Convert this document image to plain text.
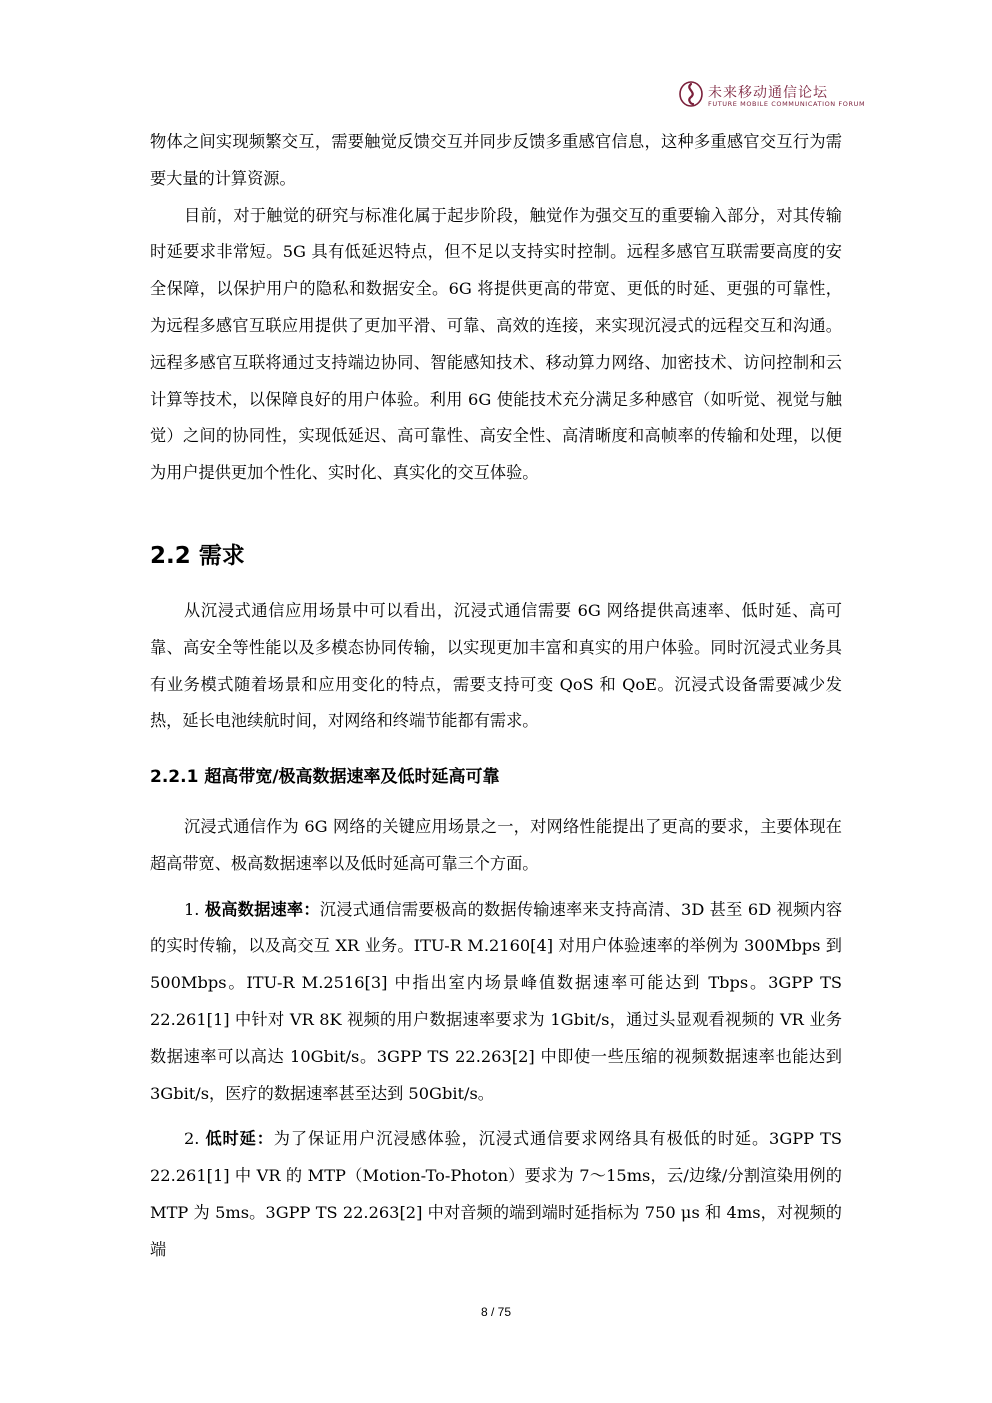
未来移动通信论坛
FUTURE MOBILE COMMUNICATION FORUM

物体之间实现频繁交互，需要触觉反馈交互并同步反馈多重感官信息，这种多重感官交互行为需要大量的计算资源。

目前，对于触觉的研究与标准化属于起步阶段，触觉作为强交互的重要输入部分，对其传输时延要求非常短。5G 具有低延迟特点，但不足以支持实时控制。远程多感官互联需要高度的安全保障，以保护用户的隐私和数据安全。6G 将提供更高的带宽、更低的时延、更强的可靠性，为远程多感官互联应用提供了更加平滑、可靠、高效的连接，来实现沉浸式的远程交互和沟通。远程多感官互联将通过支持端边协同、智能感知技术、移动算力网络、加密技术、访问控制和云计算等技术，以保障良好的用户体验。利用 6G 使能技术充分满足多种感官（如听觉、视觉与触觉）之间的协同性，实现低延迟、高可靠性、高安全性、高清晰度和高帧率的传输和处理，以便为用户提供更加个性化、实时化、真实化的交互体验。

2.2 需求

从沉浸式通信应用场景中可以看出，沉浸式通信需要 6G 网络提供高速率、低时延、高可靠、高安全等性能以及多模态协同传输，以实现更加丰富和真实的用户体验。同时沉浸式业务具有业务模式随着场景和应用变化的特点，需要支持可变 QoS 和 QoE。沉浸式设备需要减少发热，延长电池续航时间，对网络和终端节能都有需求。

2.2.1 超高带宽/极高数据速率及低时延高可靠

沉浸式通信作为 6G 网络的关键应用场景之一，对网络性能提出了更高的要求，主要体现在超高带宽、极高数据速率以及低时延高可靠三个方面。

1. 极高数据速率：沉浸式通信需要极高的数据传输速率来支持高清、3D 甚至 6D 视频内容的实时传输，以及高交互 XR 业务。ITU-R M.2160[4] 对用户体验速率的举例为 300Mbps 到 500Mbps。ITU-R M.2516[3] 中指出室内场景峰值数据速率可能达到 Tbps。3GPP TS 22.261[1] 中针对 VR 8K 视频的用户数据速率要求为 1Gbit/s，通过头显观看视频的 VR 业务数据速率可以高达 10Gbit/s。3GPP TS 22.263[2] 中即使一些压缩的视频数据速率也能达到 3Gbit/s，医疗的数据速率甚至达到 50Gbit/s。

2. 低时延：为了保证用户沉浸感体验，沉浸式通信要求网络具有极低的时延。3GPP TS 22.261[1] 中 VR 的 MTP（Motion-To-Photon）要求为 7～15ms，云/边缘/分割渲染用例的 MTP 为 5ms。3GPP TS 22.263[2] 中对音频的端到端时延指标为 750 μs 和 4ms，对视频的端

8 / 75
